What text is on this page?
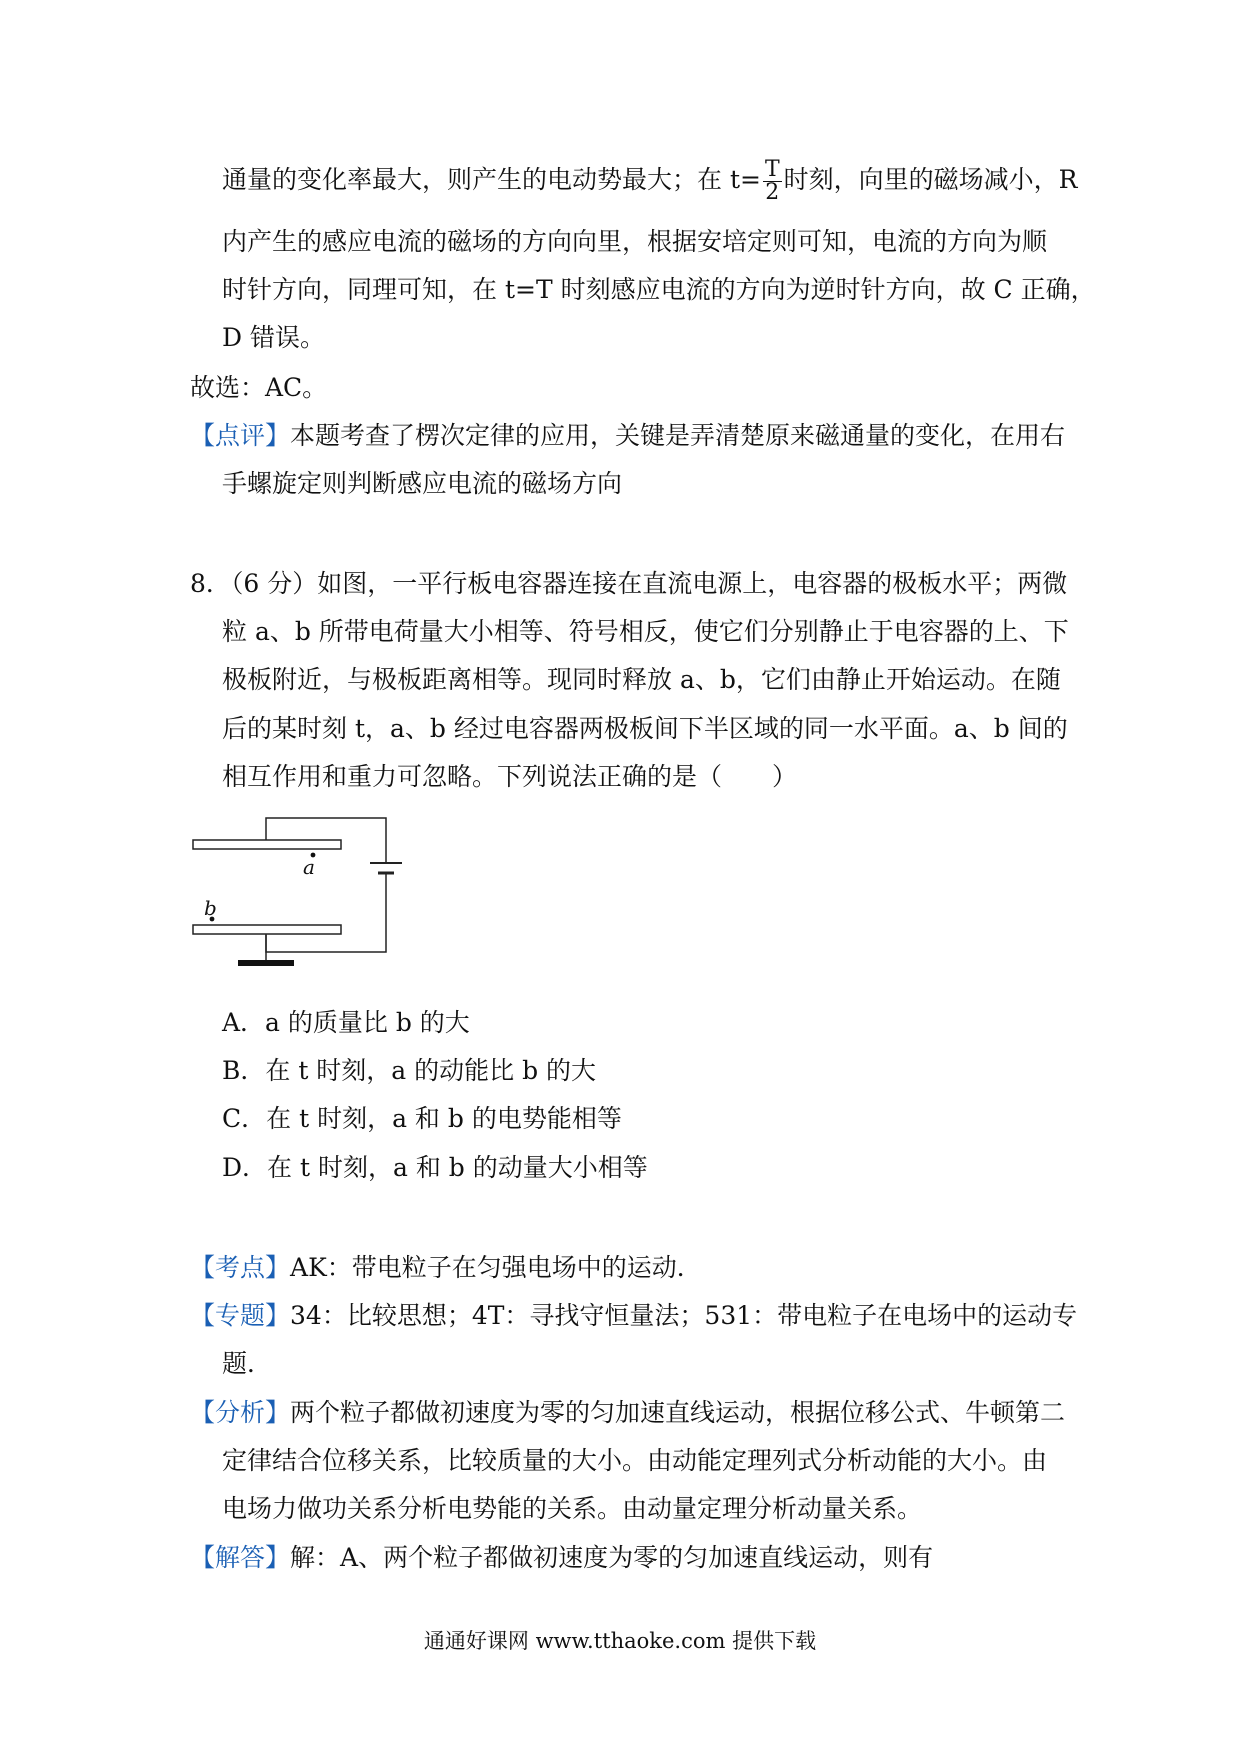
通量的变化率最大，则产生的电动势最大；在 $t= \frac{T}{2}$ 时刻，向里的磁场减小，R
内产生的感应电流的磁场的方向向里，根据安培定则可知，电流的方向为顺
时针方向，同理可知，在 t=T 时刻感应电流的方向为逆时针方向，故 C 正确，
D 错误。
故选：AC。
【点评】本题考查了楞次定律的应用，关键是弄清楚原来磁通量的变化，在用右
手螺旋定则判断感应电流的磁场方向
8．（6 分）如图，一平行板电容器连接在直流电源上，电容器的极板水平；两微
粒 a、b 所带电荷量大小相等、符号相反，使它们分别静止于电容器的上、下
极板附近，与极板距离相等。现同时释放 a、b，它们由静止开始运动。在随
后的某时刻 t，a、b 经过电容器两极板间下半区域的同一水平面。a、b 间的
相互作用和重力可忽略。下列说法正确的是（　　）
a
b
A．a 的质量比 b 的大
B．在 t 时刻，a 的动能比 b 的大
C．在 t 时刻，a 和 b 的电势能相等
D．在 t 时刻，a 和 b 的动量大小相等
【考点】AK：带电粒子在匀强电场中的运动．
【专题】34：比较思想；4T：寻找守恒量法；531：带电粒子在电场中的运动专
题．
【分析】两个粒子都做初速度为零的匀加速直线运动，根据位移公式、牛顿第二
定律结合位移关系，比较质量的大小。由动能定理列式分析动能的大小。由
电场力做功关系分析电势能的关系。由动量定理分析动量关系。
【解答】解：A、两个粒子都做初速度为零的匀加速直线运动，则有
通通好课网 www.tthaoke.com 提供下载
